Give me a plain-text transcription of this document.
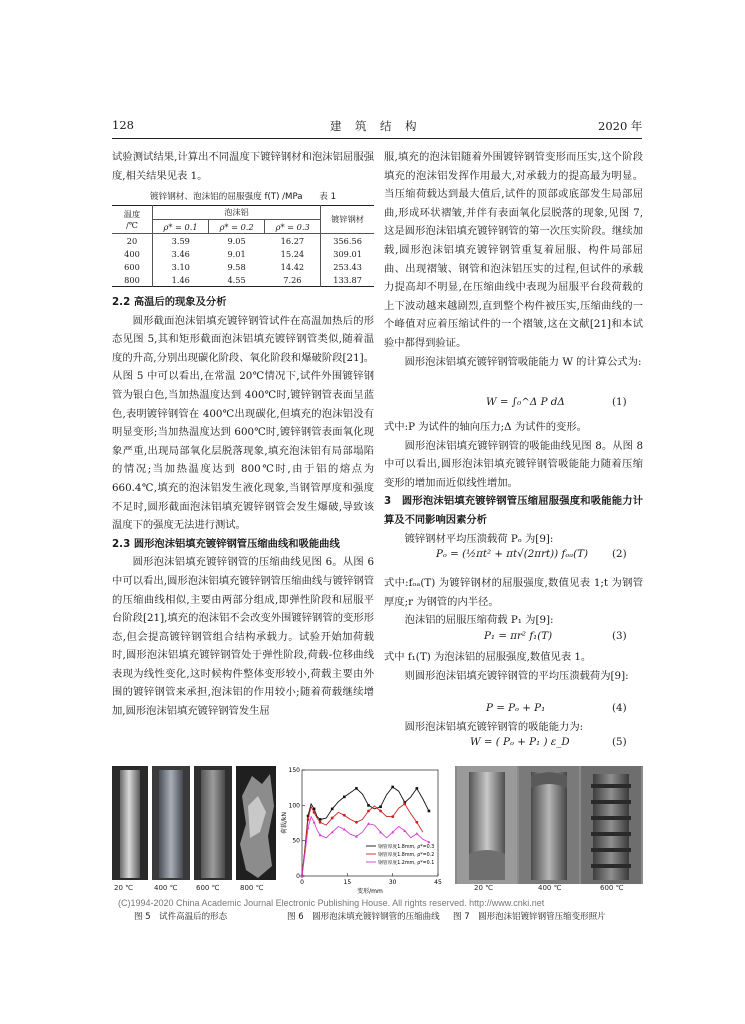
128	建　筑　结　构	2020 年

试验测试结果,计算出不同温度下镀锌钢材和泡沫铝屈服强度,相关结果见表 1。

镀锌钢材、泡沫铝的屈服强度 f(T) /MPa 表 1
温度
/℃	泡沫铝			镀锌钢材
	ρ* = 0.1	ρ* = 0.2	ρ* = 0.3	
20	3.59	9.05	16.27	356.56
400	3.46	9.01	15.24	309.01
600	3.10	9.58	14.42	253.43
800	1.46	4.55	7.26	133.87

2.2 高温后的现象及分析

圆形截面泡沫铝填充镀锌钢管试件在高温加热后的形态见图 5,其和矩形截面泡沫铝填充镀锌钢管类似,随着温度的升高,分别出现碳化阶段、氧化阶段和爆破阶段[21]。从图 5 中可以看出,在常温 20℃情况下,试件外围镀锌钢管为银白色,当加热温度达到 400℃时,镀锌钢管表面呈蓝色,表明镀锌钢管在 400℃出现碳化,但填充的泡沫铝没有明显变形;当加热温度达到 600℃时,镀锌钢管表面氧化现象严重,出现局部氧化层脱落现象,填充泡沫铝有局部塌陷的情况;当加热温度达到 800℃时,由于铝的熔点为 660.4℃,填充的泡沫铝发生液化现象,当钢管厚度和强度不足时,圆形截面泡沫铝填充镀锌钢管会发生爆破,导致该温度下的强度无法进行测试。

2.3 圆形泡沫铝填充镀锌钢管压缩曲线和吸能曲线

圆形泡沫铝填充镀锌钢管的压缩曲线见图 6。从图 6 中可以看出,圆形泡沫铝填充镀锌钢管压缩曲线与镀锌钢管的压缩曲线相似,主要由两部分组成,即弹性阶段和屈服平台阶段[21],填充的泡沫铝不会改变外围镀锌钢管的变形形态,但会提高镀锌钢管组合结构承载力。试验开始加荷载时,圆形泡沫铝填充镀锌钢管处于弹性阶段,荷载-位移曲线表现为线性变化,这时候构件整体变形较小,荷载主要由外围的镀锌钢管来承担,泡沫铝的作用较小;随着荷载继续增加,圆形泡沫铝填充镀锌钢管发生屈

服,填充的泡沫铝随着外围镀锌钢管变形而压实,这个阶段填充的泡沫铝发挥作用最大,对承载力的提高最为明显。当压缩荷载达到最大值后,试件的顶部或底部发生局部屈曲,形成环状褶皱,并伴有表面氧化层脱落的现象,见图 7,这是圆形泡沫铝填充镀锌钢管的第一次压实阶段。继续加载,圆形泡沫铝填充镀锌钢管重复着屈服、构件局部屈曲、出现褶皱、钢管和泡沫铝压实的过程,但试件的承载力提高却不明显,在压缩曲线中表现为屈服平台段荷载的上下波动越来越剧烈,直到整个构件被压实,压缩曲线的一个峰值对应着压缩试件的一个褶皱,这在文献[21]和本试验中都得到验证。

圆形泡沫铝填充镀锌钢管吸能能力 W 的计算公式为:

W = ∫₀^Δ P dΔ	(1)

式中:P 为试件的轴向压力;Δ 为试件的变形。

圆形泡沫铝填充镀锌钢管的吸能曲线见图 8。从图 8 中可以看出,圆形泡沫铝填充镀锌钢管吸能能力随着压缩变形的增加而近似线性增加。

3　圆形泡沫铝填充镀锌钢管压缩屈服强度和吸能能力计算及不同影响因素分析

镀锌钢材平均压溃载荷 Pₒ 为[9]:

Pₒ = (½πt² + πt√(2πrt)) fₒₐ(T) (2)

式中:fₒₐ(T) 为镀锌钢材的屈服强度,数值见表 1;t 为钢管厚度;r 为钢管的内半径。

泡沫铝的屈服压缩荷载 P₁ 为[9]:

P₁ = πr² f₁(T)	(3)

式中 f₁(T) 为泡沫铝的屈服强度,数值见表 1。

则圆形泡沫铝填充镀锌钢管的平均压溃载荷为[9]:

P = Pₒ + P₁	(4)

圆形泡沫铝填充镀锌钢管的吸能能力为:

W = ( Pₒ + P₁ ) ε_D	(5)
20 ℃	400 ℃	600 ℃	800 ℃
图 5　试件高温后的形态
0
50
100
150
0	15	30	45
变形/mm
荷载/kN
钢管厚度1.8mm, ρ*=0.3
钢管厚度1.8mm, ρ*=0.2
钢管厚度1.2mm, ρ*=0.1
图 6　圆形泡沫填充镀锌钢管的压缩曲线
20 ℃	400 ℃	600 ℃
图 7　圆形泡沫铝镀锌钢管压缩变形照片
(C)1994-2020 China Academic Journal Electronic Publishing House. All rights reserved. http://www.cnki.net
